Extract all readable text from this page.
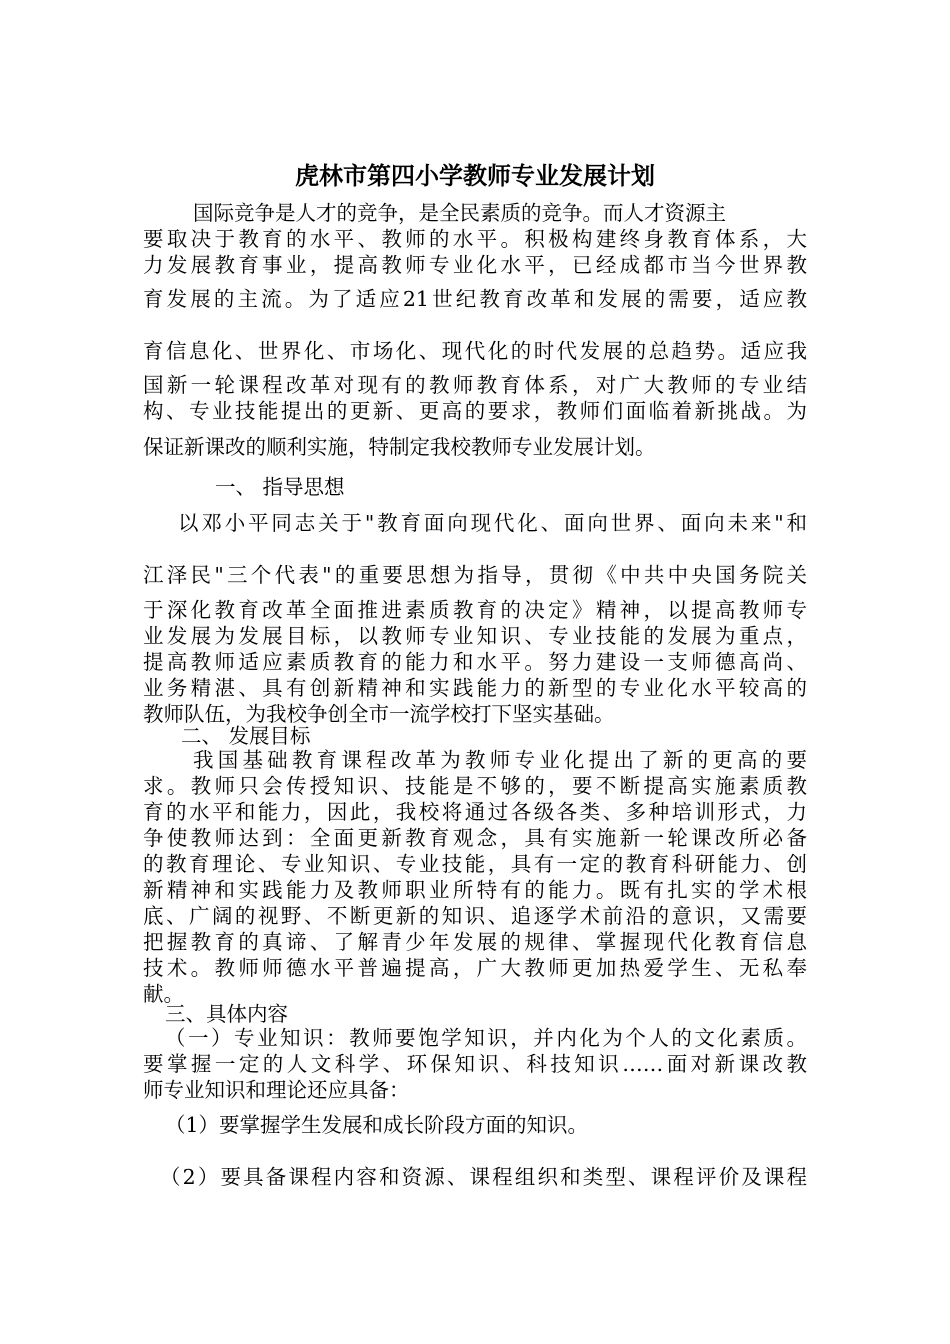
虎林市第四小学教师专业发展计划
国际竞争是人才的竞争，是全民素质的竞争。而人才资源主
要取决于教育的水平、教师的水平。积极构建终身教育体系，大
力发展教育事业，提高教师专业化水平，已经成都市当今世界教
育发展的主流。为了适应21世纪教育改革和发展的需要，适应教
育信息化、世界化、市场化、现代化的时代发展的总趋势。适应我
国新一轮课程改革对现有的教师教育体系，对广大教师的专业结
构、专业技能提出的更新、更高的要求，教师们面临着新挑战。为
保证新课改的顺利实施，特制定我校教师专业发展计划。
一、 指导思想
以邓小平同志关于"教育面向现代化、面向世界、面向未来"和
江泽民"三个代表"的重要思想为指导，贯彻《中共中央国务院关
于深化教育改革全面推进素质教育的决定》精神，以提高教师专
业发展为发展目标，以教师专业知识、专业技能的发展为重点，
提高教师适应素质教育的能力和水平。努力建设一支师德高尚、
业务精湛、具有创新精神和实践能力的新型的专业化水平较高的
教师队伍，为我校争创全市一流学校打下坚实基础。
二、 发展目标
我国基础教育课程改革为教师专业化提出了新的更高的要
求。教师只会传授知识、技能是不够的，要不断提高实施素质教
育的水平和能力，因此，我校将通过各级各类、多种培训形式，力
争使教师达到：全面更新教育观念，具有实施新一轮课改所必备
的教育理论、专业知识、专业技能，具有一定的教育科研能力、创
新精神和实践能力及教师职业所特有的能力。既有扎实的学术根
底、广阔的视野、不断更新的知识、追逐学术前沿的意识，又需要
把握教育的真谛、了解青少年发展的规律、掌握现代化教育信息
技术。教师师德水平普遍提高，广大教师更加热爱学生、无私奉
献。
三、具体内容
（一）专业知识：教师要饱学知识，并内化为个人的文化素质。
要掌握一定的人文科学、环保知识、科技知识……面对新课改教
师专业知识和理论还应具备：
（1）要掌握学生发展和成长阶段方面的知识。
（2）要具备课程内容和资源、课程组织和类型、课程评价及课程
